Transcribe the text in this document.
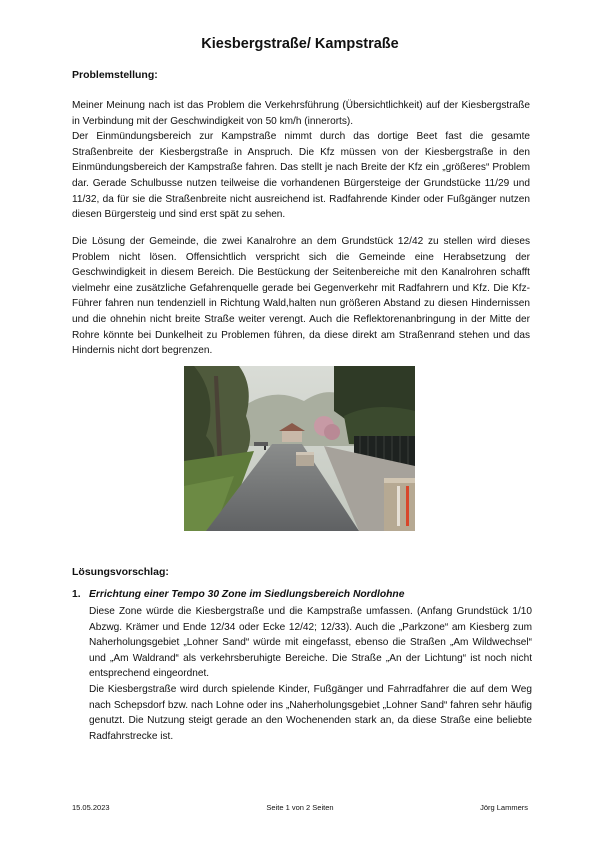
Kiesbergstraße/ Kampstraße
Problemstellung:

Meiner Meinung nach ist das Problem die Verkehrsführung (Übersichtlichkeit) auf der Kiesbergstraße in Verbindung mit der Geschwindigkeit von 50 km/h (innerorts).

Der Einmündungsbereich zur Kampstraße nimmt durch das dortige Beet fast die gesamte Straßenbreite der Kiesbergstraße in Anspruch. Die Kfz müssen von der Kiesbergstraße in den Einmündungsbereich der Kampstraße fahren. Das stellt je nach Breite der Kfz ein „größeres“ Problem dar. Gerade Schulbusse nutzen teilweise die vorhandenen Bürgersteige der Grundstücke 11/29 und 11/32, da für sie die Straßenbreite nicht ausreichend ist. Radfahrende Kinder oder Fußgänger nutzen diesen Bürgersteig und sind erst spät zu sehen.

Die Lösung der Gemeinde, die zwei Kanalrohre an dem Grundstück 12/42 zu stellen wird dieses Problem nicht lösen. Offensichtlich verspricht sich die Gemeinde eine Herabsetzung der Geschwindigkeit in diesem Bereich. Die Bestückung der Seitenbereiche mit den Kanalrohren schafft vielmehr eine zusätzliche Gefahrenquelle gerade bei Gegenverkehr mit Radfahrern und Kfz. Die Kfz-Führer fahren nun tendenziell in Richtung Wald,halten nun größeren Abstand zu diesen Hindernissen und die ohnehin nicht breite Straße weiter verengt. Auch die Reflektorenanbringung in der Mitte der Rohre könnte bei Dunkelheit zu Problemen führen, da diese direkt am Straßenrand stehen und das Hindernis nicht dort begrenzen.

Lösungsvorschlag:
1. Errichtung einer Tempo 30 Zone im Siedlungsbereich Nordlohne

Diese Zone würde die Kiesbergstraße und die Kampstraße umfassen. (Anfang Grundstück 1/10 Abzwg. Krämer und Ende 12/34 oder Ecke 12/42; 12/33). Auch die „Parkzone“ am Kiesberg zum Naherholungsgebiet „Lohner Sand“ würde mit eingefasst, ebenso die Straßen „Am Wildwechsel“ und „Am Waldrand“ als verkehrsberuhigte Bereiche. Die Straße „An der Lichtung“ ist noch nicht entsprechend eingeordnet.

Die Kiesbergstraße wird durch spielende Kinder, Fußgänger und Fahrradfahrer die auf dem Weg nach Schepsdorf bzw. nach Lohne oder ins „Naherholungsgebiet „Lohner Sand“ fahren sehr häufig genutzt. Die Nutzung steigt gerade an den Wochenenden stark an, da diese Straße eine beliebte Radfahrstrecke ist.

15.05.2023	Seite 1 von 2 Seiten	Jörg Lammers
